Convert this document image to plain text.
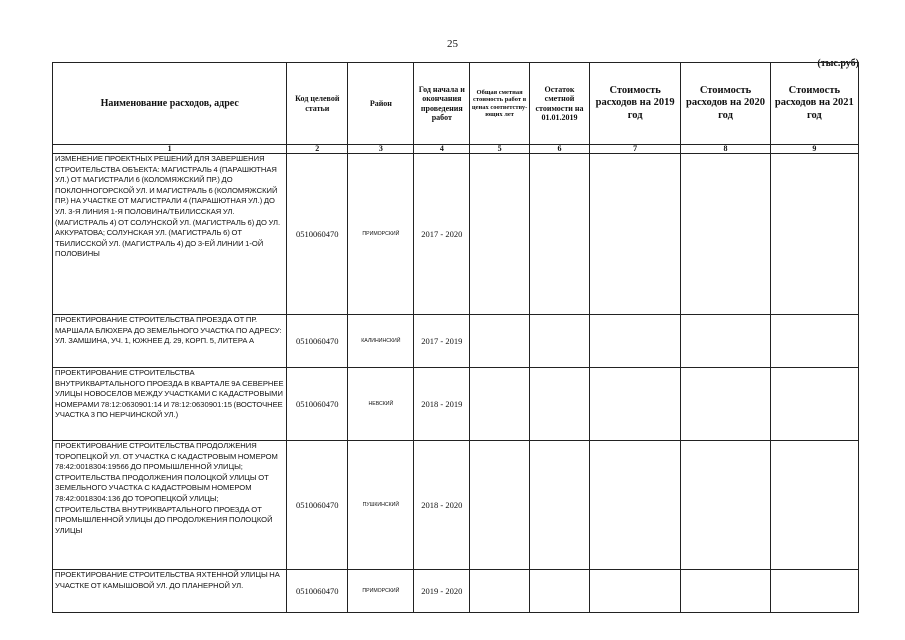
25
(тыс.руб)
Наименование расходов, адрес	Код целевой статьи	Район	Год начала и окончания проведения работ	Общая сметная стоимость работ в ценах соответству-ющих лет	Остаток сметной стоимости на 01.01.2019	Стоимость расходов на 2019 год	Стоимость расходов на 2020 год	Стоимость расходов на 2021 год
1	2	3	4	5	6	7	8	9
ИЗМЕНЕНИЕ ПРОЕКТНЫХ РЕШЕНИЙ ДЛЯ ЗАВЕРШЕНИЯ СТРОИТЕЛЬСТВА ОБЪЕКТА: МАГИСТРАЛЬ 4 (ПАРАШЮТНАЯ УЛ.) ОТ МАГИСТРАЛИ 6 (КОЛОМЯЖСКИЙ ПР.) ДО ПОКЛОННОГОРСКОЙ УЛ. И МАГИСТРАЛЬ 6 (КОЛОМЯЖСКИЙ ПР.) НА УЧАСТКЕ ОТ МАГИСТРАЛИ 4 (ПАРАШЮТНАЯ УЛ.) ДО УЛ. 3-Я ЛИНИЯ 1-Я ПОЛОВИНА/ТБИЛИССКАЯ УЛ. (МАГИСТРАЛЬ 4) ОТ СОЛУНСКОЙ УЛ. (МАГИСТРАЛЬ 6) ДО УЛ. АККУРАТОВА; СОЛУНСКАЯ УЛ. (МАГИСТРАЛЬ 6) ОТ ТБИЛИССКОЙ УЛ. (МАГИСТРАЛЬ 4) ДО 3-ЕЙ ЛИНИИ 1-ОЙ ПОЛОВИНЫ	0510060470	ПРИМОРСКИЙ	2017 - 2020					
ПРОЕКТИРОВАНИЕ СТРОИТЕЛЬСТВА ПРОЕЗДА ОТ ПР. МАРШАЛА БЛЮХЕРА ДО ЗЕМЕЛЬНОГО УЧАСТКА ПО АДРЕСУ: УЛ. ЗАМШИНА, УЧ. 1, ЮЖНЕЕ Д. 29, КОРП. 5, ЛИТЕРА А	0510060470	КАЛИНИНСКИЙ	2017 - 2019					
ПРОЕКТИРОВАНИЕ СТРОИТЕЛЬСТВА ВНУТРИКВАРТАЛЬНОГО ПРОЕЗДА В КВАРТАЛЕ 9А СЕВЕРНЕЕ УЛИЦЫ НОВОСЕЛОВ МЕЖДУ УЧАСТКАМИ С КАДАСТРОВЫМИ НОМЕРАМИ 78:12:0630901:14 И 78:12:0630901:15 (ВОСТОЧНЕЕ УЧАСТКА 3 ПО НЕРЧИНСКОЙ УЛ.)	0510060470	НЕВСКИЙ	2018 - 2019					
ПРОЕКТИРОВАНИЕ СТРОИТЕЛЬСТВА ПРОДОЛЖЕНИЯ ТОРОПЕЦКОЙ УЛ. ОТ УЧАСТКА С КАДАСТРОВЫМ НОМЕРОМ 78:42:0018304:19566 ДО ПРОМЫШЛЕННОЙ УЛИЦЫ; СТРОИТЕЛЬСТВА ПРОДОЛЖЕНИЯ ПОЛОЦКОЙ УЛИЦЫ ОТ ЗЕМЕЛЬНОГО УЧАСТКА С КАДАСТРОВЫМ НОМЕРОМ 78:42:0018304:136 ДО ТОРОПЕЦКОЙ УЛИЦЫ; СТРОИТЕЛЬСТВА ВНУТРИКВАРТАЛЬНОГО ПРОЕЗДА ОТ ПРОМЫШЛЕННОЙ УЛИЦЫ ДО ПРОДОЛЖЕНИЯ ПОЛОЦКОЙ УЛИЦЫ	0510060470	ПУШКИНСКИЙ	2018 - 2020					
ПРОЕКТИРОВАНИЕ СТРОИТЕЛЬСТВА ЯХТЕННОЙ УЛИЦЫ НА УЧАСТКЕ ОТ КАМЫШОВОЙ УЛ. ДО ПЛАНЕРНОЙ УЛ.	0510060470	ПРИМОРСКИЙ	2019 - 2020					
